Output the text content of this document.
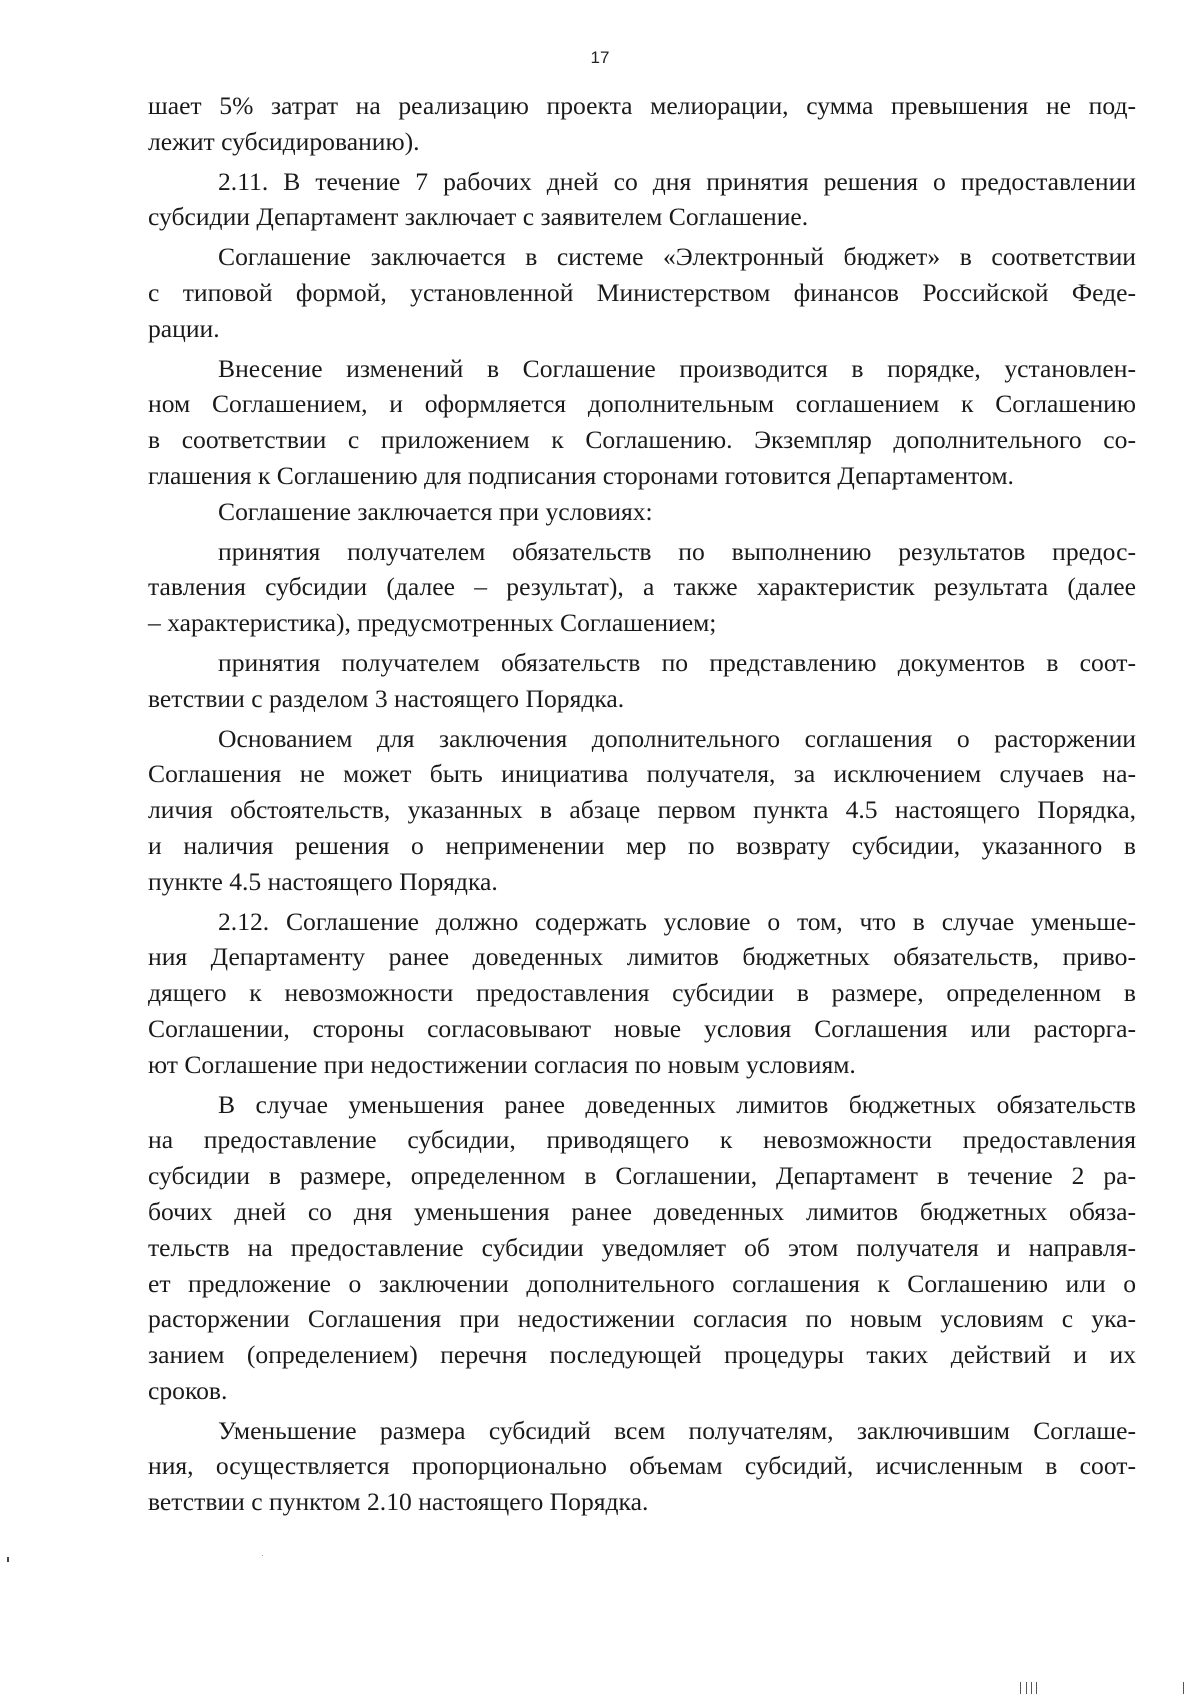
17
шает 5% затрат на реализацию проекта мелиорации, сумма превышения не под-
лежит субсидированию).
2.11. В течение 7 рабочих дней со дня принятия решения о предоставлении
субсидии Департамент заключает с заявителем Соглашение.
Соглашение заключается в системе «Электронный бюджет» в соответствии
с типовой формой, установленной Министерством финансов Российской Феде-
рации.
Внесение изменений в Соглашение производится в порядке, установлен-
ном Соглашением, и оформляется дополнительным соглашением к Соглашению
в соответствии с приложением к Соглашению. Экземпляр дополнительного со-
глашения к Соглашению для подписания сторонами готовится Департаментом.
Соглашение заключается при условиях:
принятия получателем обязательств по выполнению результатов предос-
тавления субсидии (далее – результат), а также характеристик результата (далее
– характеристика), предусмотренных Соглашением;
принятия получателем обязательств по представлению документов в соот-
ветствии с разделом 3 настоящего Порядка.
Основанием для заключения дополнительного соглашения о расторжении
Соглашения не может быть инициатива получателя, за исключением случаев на-
личия обстоятельств, указанных в абзаце первом пункта 4.5 настоящего Порядка,
и наличия решения о неприменении мер по возврату субсидии, указанного в
пункте 4.5 настоящего Порядка.
2.12. Соглашение должно содержать условие о том, что в случае уменьше-
ния Департаменту ранее доведенных лимитов бюджетных обязательств, приво-
дящего к невозможности предоставления субсидии в размере, определенном в
Соглашении, стороны согласовывают новые условия Соглашения или расторга-
ют Соглашение при недостижении согласия по новым условиям.
В случае уменьшения ранее доведенных лимитов бюджетных обязательств
на предоставление субсидии, приводящего к невозможности предоставления
субсидии в размере, определенном в Соглашении, Департамент в течение 2 ра-
бочих дней со дня уменьшения ранее доведенных лимитов бюджетных обяза-
тельств на предоставление субсидии уведомляет об этом получателя и направля-
ет предложение о заключении дополнительного соглашения к Соглашению или о
расторжении Соглашения при недостижении согласия по новым условиям с ука-
занием (определением) перечня последующей процедуры таких действий и их
сроков.
Уменьшение размера субсидий всем получателям, заключившим Соглаше-
ния, осуществляется пропорционально объемам субсидий, исчисленным в соот-
ветствии с пунктом 2.10 настоящего Порядка.
